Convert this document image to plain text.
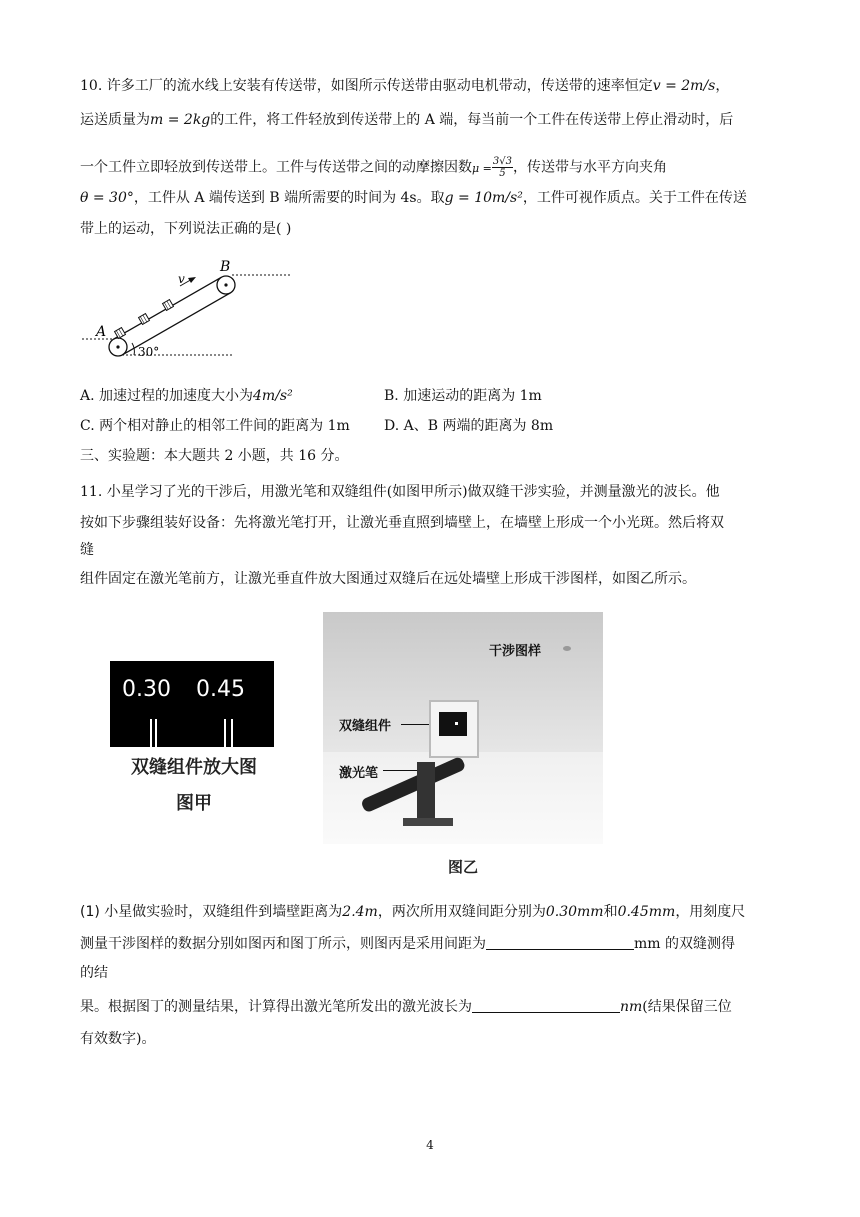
10. 许多工厂的流水线上安装有传送带，如图所示传送带由驱动电机带动，传送带的速率恒定v = 2m/s，
运送质量为m = 2kg的工件，将工件轻放到传送带上的 A 端，每当前一个工件在传送带上停止滑动时，后
一个工件立即轻放到传送带上。工件与传送带之间的动摩擦因数$\mu = \frac{3√3}{5}$ ，传送带与水平方向夹角
θ = 30°，工件从 A 端传送到 B 端所需要的时间为 4s。取g = 10m/s²，工件可视作质点。关于工件在传送
带上的运动，下列说法正确的是( )
v
B
A
30°
A. 加速过程的加速度大小为4m/s²	B. 加速运动的距离为 1m
C. 两个相对静止的相邻工件间的距离为 1m D. A、B 两端的距离为 8m
三、实验题：本大题共 2 小题，共 16 分。
11. 小星学习了光的干涉后，用激光笔和双缝组件(如图甲所示)做双缝干涉实验，并测量激光的波长。他
按如下步骤组装好设备：先将激光笔打开，让激光垂直照到墙壁上，在墙壁上形成一个小光斑。然后将双
缝
组件固定在激光笔前方，让激光垂直件放大图通过双缝后在远处墙壁上形成干涉图样，如图乙所示。
0.30 0.45
双缝组件放大图
图甲
干涉图样
双缝组件
激光笔
图乙
(1) 小星做实验时，双缝组件到墙壁距离为2.4m，两次所用双缝间距分别为0.30mm和0.45mm，用刻度尺
测量干涉图样的数据分别如图丙和图丁所示，则图丙是采用间距为	mm 的双缝测得
的结
果。根据图丁的测量结果，计算得出激光笔所发出的激光波长为	nm(结果保留三位
有效数字)。
4
